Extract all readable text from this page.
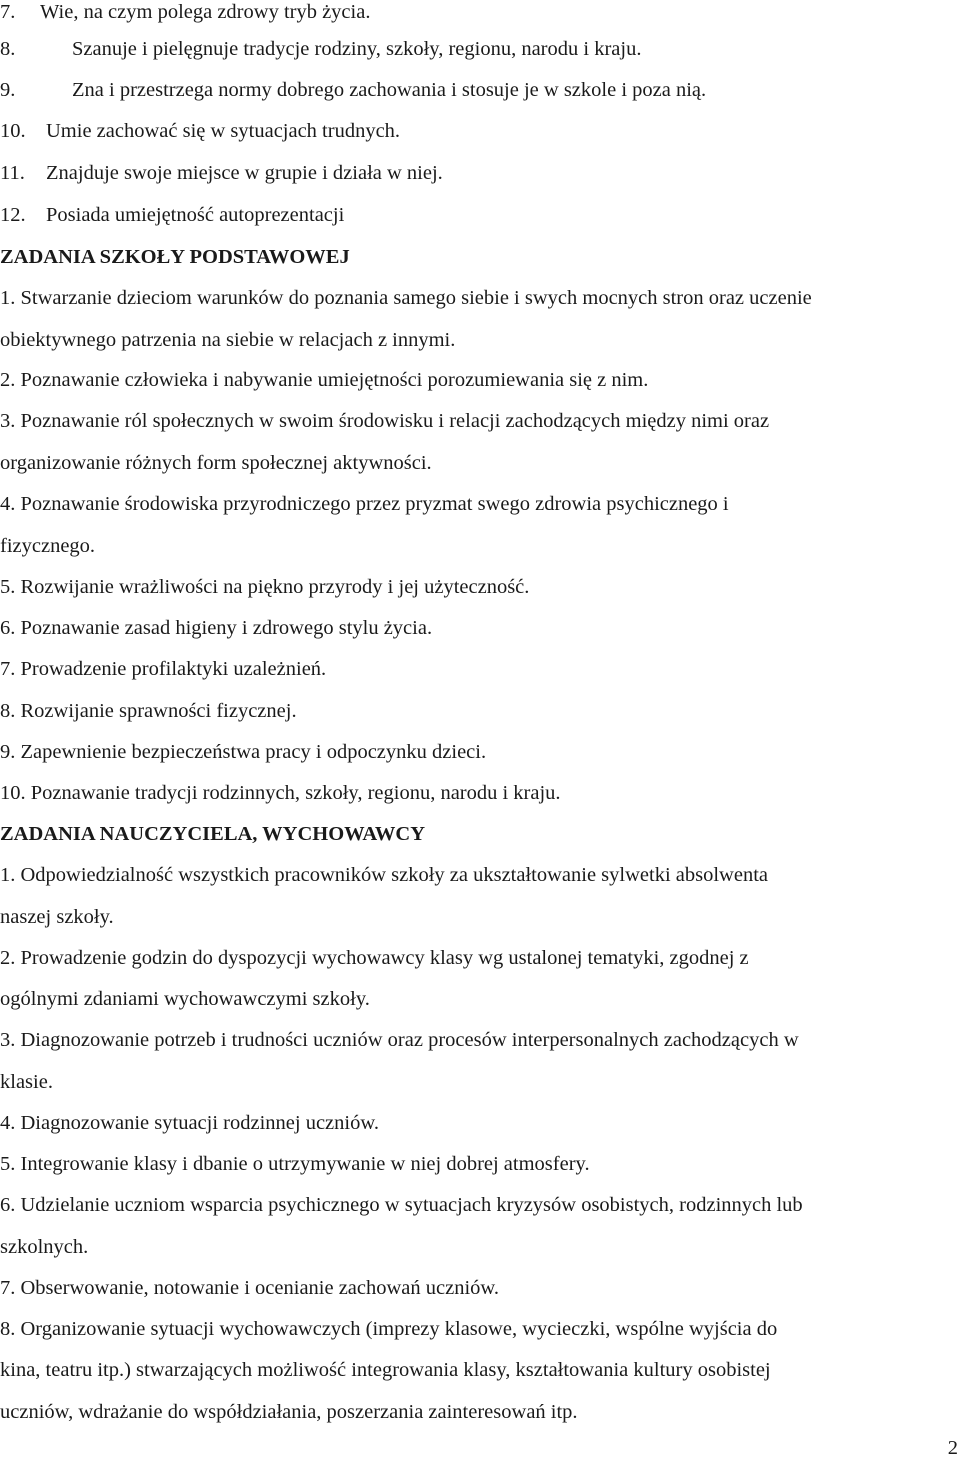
7.	Wie, na czym polega zdrowy tryb życia.
8.	Szanuje i pielęgnuje tradycje rodziny, szkoły, regionu, narodu i kraju.
9.	Zna i przestrzega normy dobrego zachowania i stosuje je w szkole i poza nią.
10. Umie zachować się w sytuacjach trudnych.
11.	Znajduje swoje miejsce w grupie i działa w niej.
12. Posiada umiejętność autoprezentacji
ZADANIA SZKOŁY PODSTAWOWEJ
1. Stwarzanie dzieciom warunków do poznania samego siebie i swych mocnych stron oraz uczenie
obiektywnego patrzenia na siebie w relacjach z innymi.
2. Poznawanie człowieka i nabywanie umiejętności porozumiewania się z nim.
3. Poznawanie ról społecznych w swoim środowisku i relacji zachodzących między nimi oraz
organizowanie różnych form społecznej aktywności.
4. Poznawanie środowiska przyrodniczego przez pryzmat swego zdrowia psychicznego i
fizycznego.
5. Rozwijanie wrażliwości na piękno przyrody i jej użyteczność.
6. Poznawanie zasad higieny i zdrowego stylu życia.
7. Prowadzenie profilaktyki uzależnień.
8. Rozwijanie sprawności fizycznej.
9. Zapewnienie bezpieczeństwa pracy i odpoczynku dzieci.
10. Poznawanie tradycji rodzinnych, szkoły, regionu, narodu i kraju.
ZADANIA NAUCZYCIELA, WYCHOWAWCY
1. Odpowiedzialność wszystkich pracowników szkoły za ukształtowanie sylwetki absolwenta
naszej szkoły.
2. Prowadzenie godzin do dyspozycji wychowawcy klasy wg ustalonej tematyki, zgodnej z
ogólnymi zdaniami wychowawczymi szkoły.
3. Diagnozowanie potrzeb i trudności uczniów oraz procesów interpersonalnych zachodzących w
klasie.
4. Diagnozowanie sytuacji rodzinnej uczniów.
5. Integrowanie klasy i dbanie o utrzymywanie w niej dobrej atmosfery.
6. Udzielanie uczniom wsparcia psychicznego w sytuacjach kryzysów osobistych, rodzinnych lub
szkolnych.
7. Obserwowanie, notowanie i ocenianie zachowań uczniów.
8. Organizowanie sytuacji wychowawczych (imprezy klasowe, wycieczki, wspólne wyjścia do
kina, teatru itp.) stwarzających możliwość integrowania klasy, kształtowania kultury osobistej
uczniów, wdrażanie do współdziałania, poszerzania zainteresowań itp.
2
